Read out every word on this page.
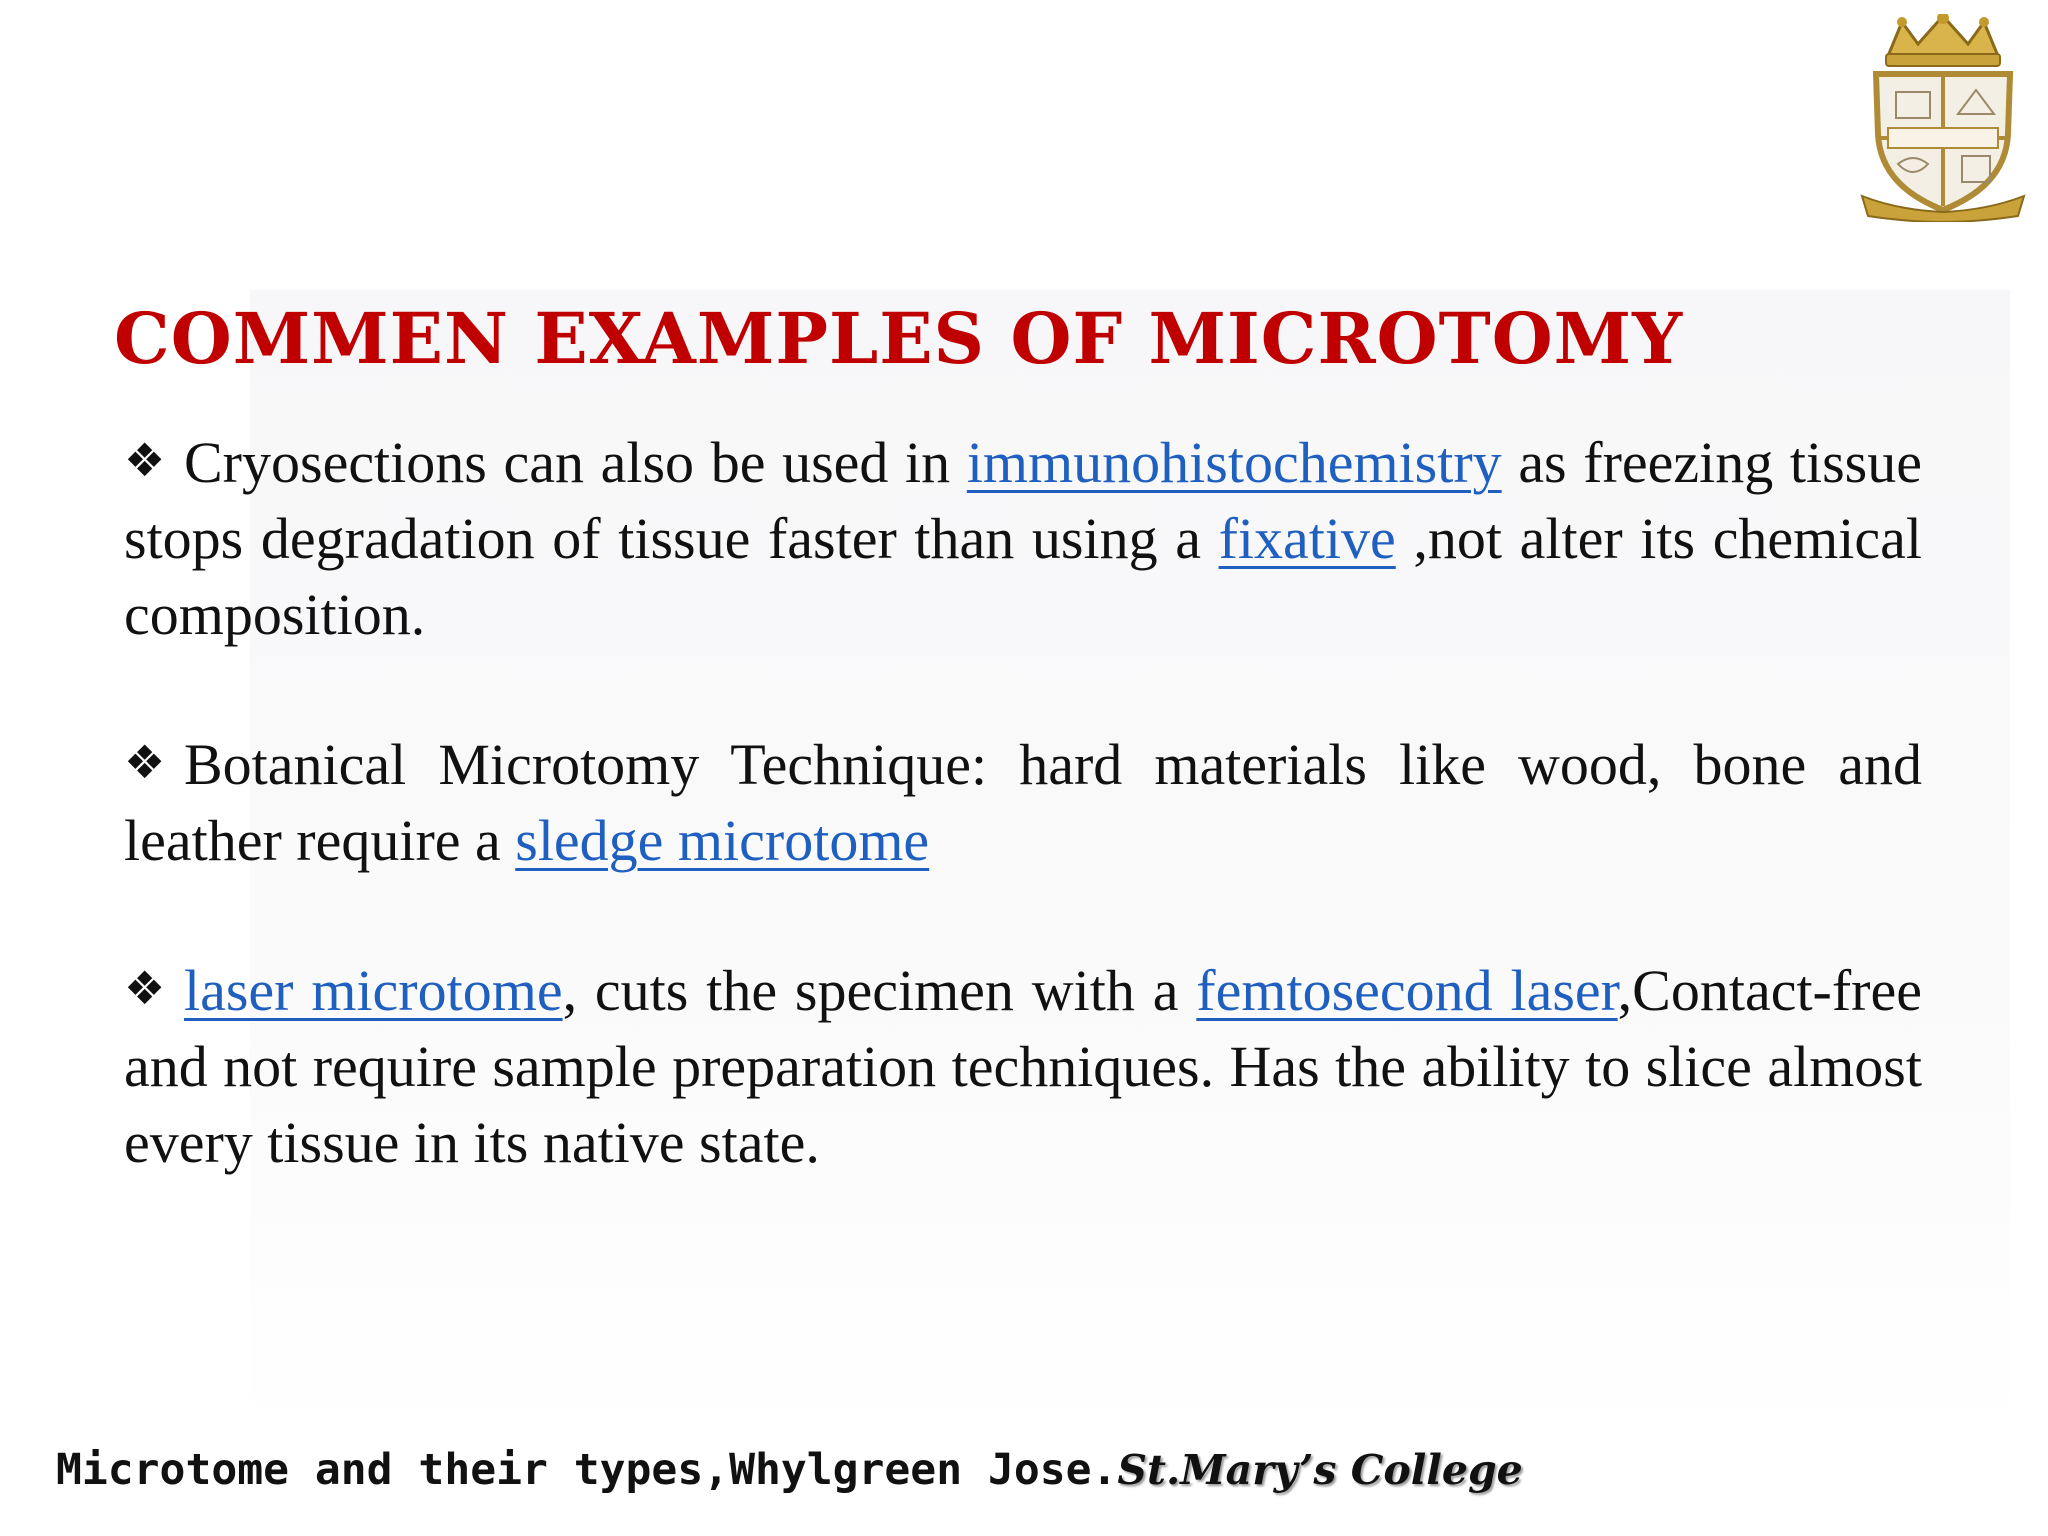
COMMEN EXAMPLES OF MICROTOMY

❖ Cryosections can also be used in immunohistochemistry as freezing tissue stops degradation of tissue faster than using a fixative ,not alter its chemical composition.

❖ Botanical Microtomy Technique: hard materials like wood, bone and leather require a sledge microtome

❖ laser microtome, cuts the specimen with a femtosecond laser,Contact-free and not require sample preparation techniques. Has the ability to slice almost every tissue in its native state.

Microtome and their types,Whylgreen Jose.St.Mary’s College
